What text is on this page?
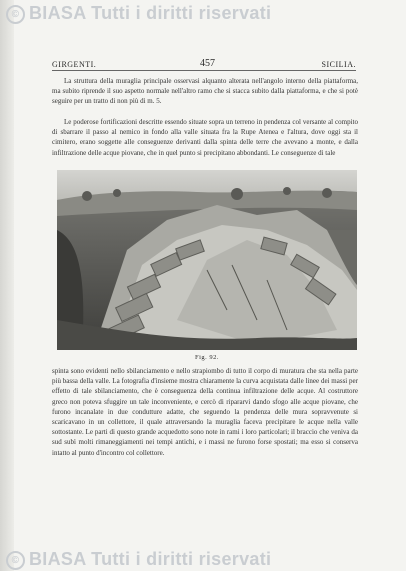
© BIASA Tutti i diritti riservati
GIRGENTI.	457	SICILIA.

La struttura della muraglia principale osservasi alquanto alterata nell'angolo interno della piattaforma, ma subito riprende il suo aspetto normale nell'altro ramo che si stacca subito dalla piattaforma, e che si potè seguire per un tratto di non più di m. 5.

Le poderose fortificazioni descritte essendo situate sopra un terreno in pendenza col versante al compito di sbarrare il passo al nemico in fondo alla valle situata fra la Rupe Atenea e l'altura, dove oggi sta il cimitero, erano soggette alle conseguenze derivanti dalla spinta delle terre che avevano a monte, e dalla infiltrazione delle acque piovane, che in quel punto si precipitano abbondanti. Le conseguenze di tale

Fig. 92.

spinta sono evidenti nello sbilanciamento e nello strapiombo di tutto il corpo di muratura che sta nella parte più bassa della valle. La fotografia d'insieme mostra chiaramente la curva acquistata dalle linee dei massi per effetto di tale sbilanciamento, che è conseguenza della continua infiltrazione delle acque. Al costruttore greco non poteva sfuggire un tale inconveniente, e cercò di ripararvi dando sfogo alle acque piovane, che furono incanalate in due condutture adatte, che seguendo la pendenza delle mura sopravvenute si scaricavano in un collettore, il quale attraversando la muraglia faceva precipitare le acque nella valle sottostante. Le parti di questo grande acquedotto sono note in rami i loro particolari; il braccio che veniva da sud subì molti rimaneggiamenti nei tempi antichi, e i massi ne furono forse spostati; ma esso si conserva intatto al punto d'incontro col collettore.

© BIASA Tutti i diritti riservati
